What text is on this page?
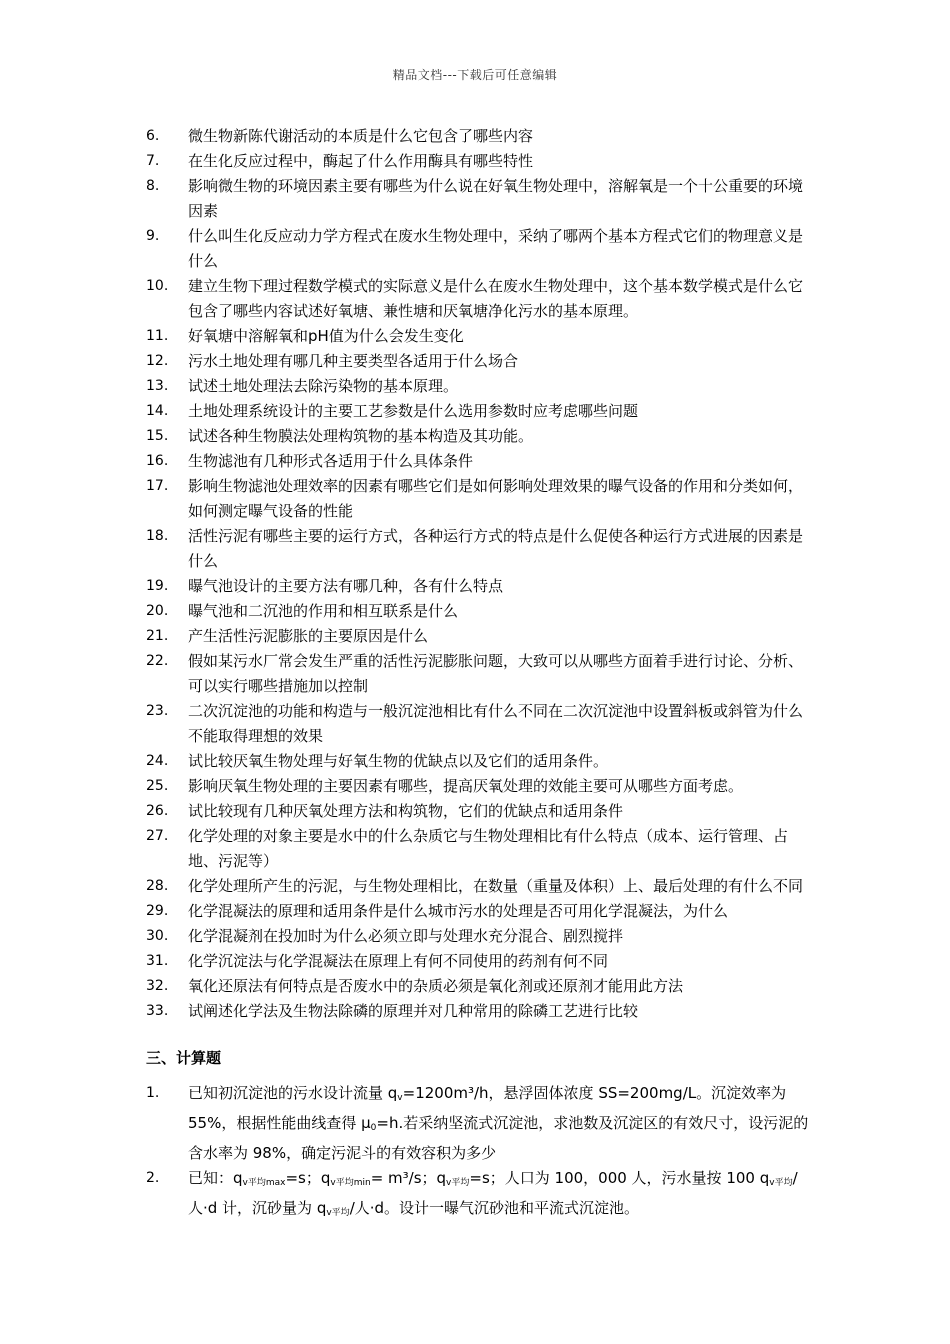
精品文档---下载后可任意编辑
6.	微生物新陈代谢活动的本质是什么它包含了哪些内容
7.	在生化反应过程中，酶起了什么作用酶具有哪些特性
8.	影响微生物的环境因素主要有哪些为什么说在好氧生物处理中，溶解氧是一个十公重要的环境因素
9.	什么叫生化反应动力学方程式在废水生物处理中，采纳了哪两个基本方程式它们的物理意义是什么
10.	建立生物下理过程数学模式的实际意义是什么在废水生物处理中，这个基本数学模式是什么它包含了哪些内容试述好氧塘、兼性塘和厌氧塘净化污水的基本原理。
11.	好氧塘中溶解氧和pH值为什么会发生变化
12.	污水土地处理有哪几种主要类型各适用于什么场合
13.	试述土地处理法去除污染物的基本原理。
14.	土地处理系统设计的主要工艺参数是什么选用参数时应考虑哪些问题
15.	试述各种生物膜法处理构筑物的基本构造及其功能。
16.	生物滤池有几种形式各适用于什么具体条件
17.	影响生物滤池处理效率的因素有哪些它们是如何影响处理效果的曝气设备的作用和分类如何，如何测定曝气设备的性能
18.	活性污泥有哪些主要的运行方式，各种运行方式的特点是什么促使各种运行方式进展的因素是什么
19.	曝气池设计的主要方法有哪几种，各有什么特点
20.	曝气池和二沉池的作用和相互联系是什么
21.	产生活性污泥膨胀的主要原因是什么
22.	假如某污水厂常会发生严重的活性污泥膨胀问题，大致可以从哪些方面着手进行讨论、分析、可以实行哪些措施加以控制
23.	二次沉淀池的功能和构造与一般沉淀池相比有什么不同在二次沉淀池中设置斜板或斜管为什么不能取得理想的效果
24.	试比较厌氧生物处理与好氧生物的优缺点以及它们的适用条件。
25.	影响厌氧生物处理的主要因素有哪些，提高厌氧处理的效能主要可从哪些方面考虑。
26.	试比较现有几种厌氧处理方法和构筑物，它们的优缺点和适用条件
27.	化学处理的对象主要是水中的什么杂质它与生物处理相比有什么特点（成本、运行管理、占地、污泥等）
28.	化学处理所产生的污泥，与生物处理相比，在数量（重量及体积）上、最后处理的有什么不同
29.	化学混凝法的原理和适用条件是什么城市污水的处理是否可用化学混凝法，为什么
30.	化学混凝剂在投加时为什么必须立即与处理水充分混合、剧烈搅拌
31.	化学沉淀法与化学混凝法在原理上有何不同使用的药剂有何不同
32.	氧化还原法有何特点是否废水中的杂质必须是氧化剂或还原剂才能用此方法
33.	试阐述化学法及生物法除磷的原理并对几种常用的除磷工艺进行比较
三、计算题
1.	已知初沉淀池的污水设计流量 $q_v=1200m^3/h$，悬浮固体浓度 SS=200mg/L。沉淀效率为 55%，根据性能曲线查得 $\mu_0=h$.若采纳坚流式沉淀池，求池数及沉淀区的有效尺寸，设污泥的含水率为 98%，确定污泥斗的有效容积为多少
2.	已知：$q_{v平均max}=s$；$q_{v平均min}= m^3/s$；$q_{v平均}=s$；人口为 100，000 人，污水量按 100 $q_{v平均}/$人·d 计，沉砂量为 $q_{v平均}/$人·d。设计一曝气沉砂池和平流式沉淀池。
